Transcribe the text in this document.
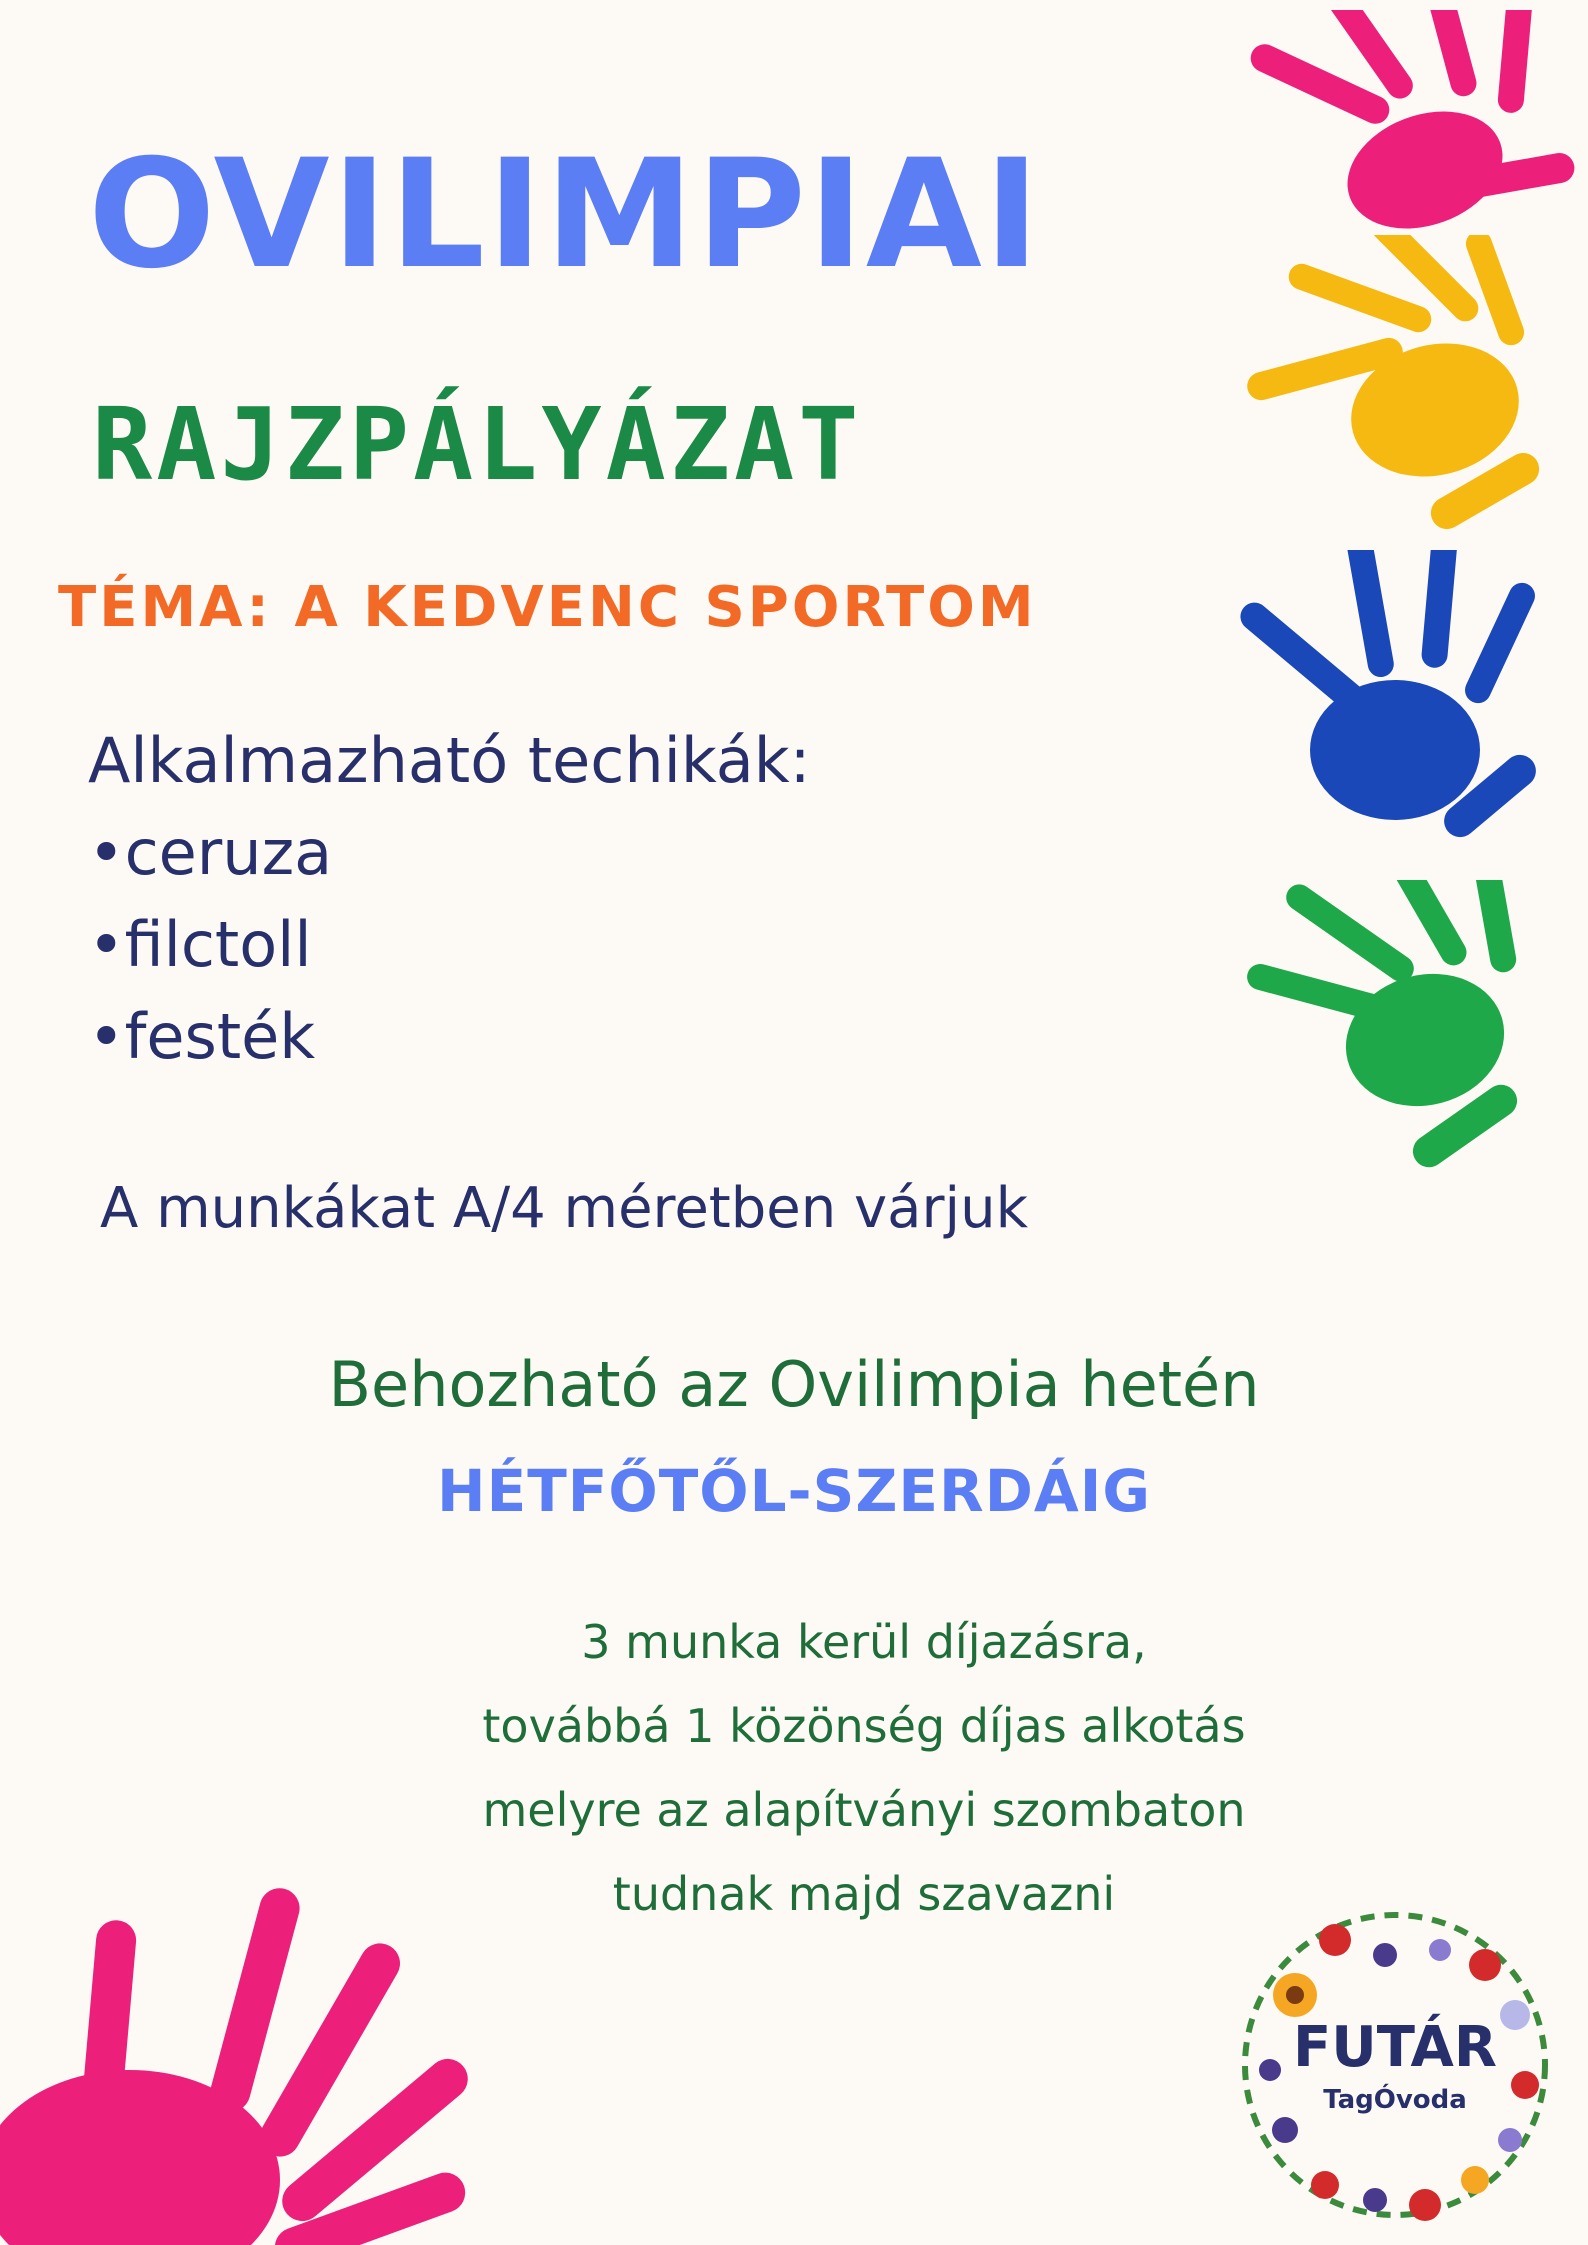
OVILIMPIAI
RAJZPÁLYÁZAT
TÉMA: A KEDVENC SPORTOM
Alkalmazható techikák:
•ceruza
•filctoll
•festék
A munkákat A/4 méretben várjuk
Behozható az Ovilimpia hetén
HÉTFŐTŐL-SZERDÁIG
3 munka kerül díjazásra,
továbbá 1 közönség díjas alkotás
melyre az alapítványi szombaton
tudnak majd szavazni
FUTÁR
TagÓvoda
